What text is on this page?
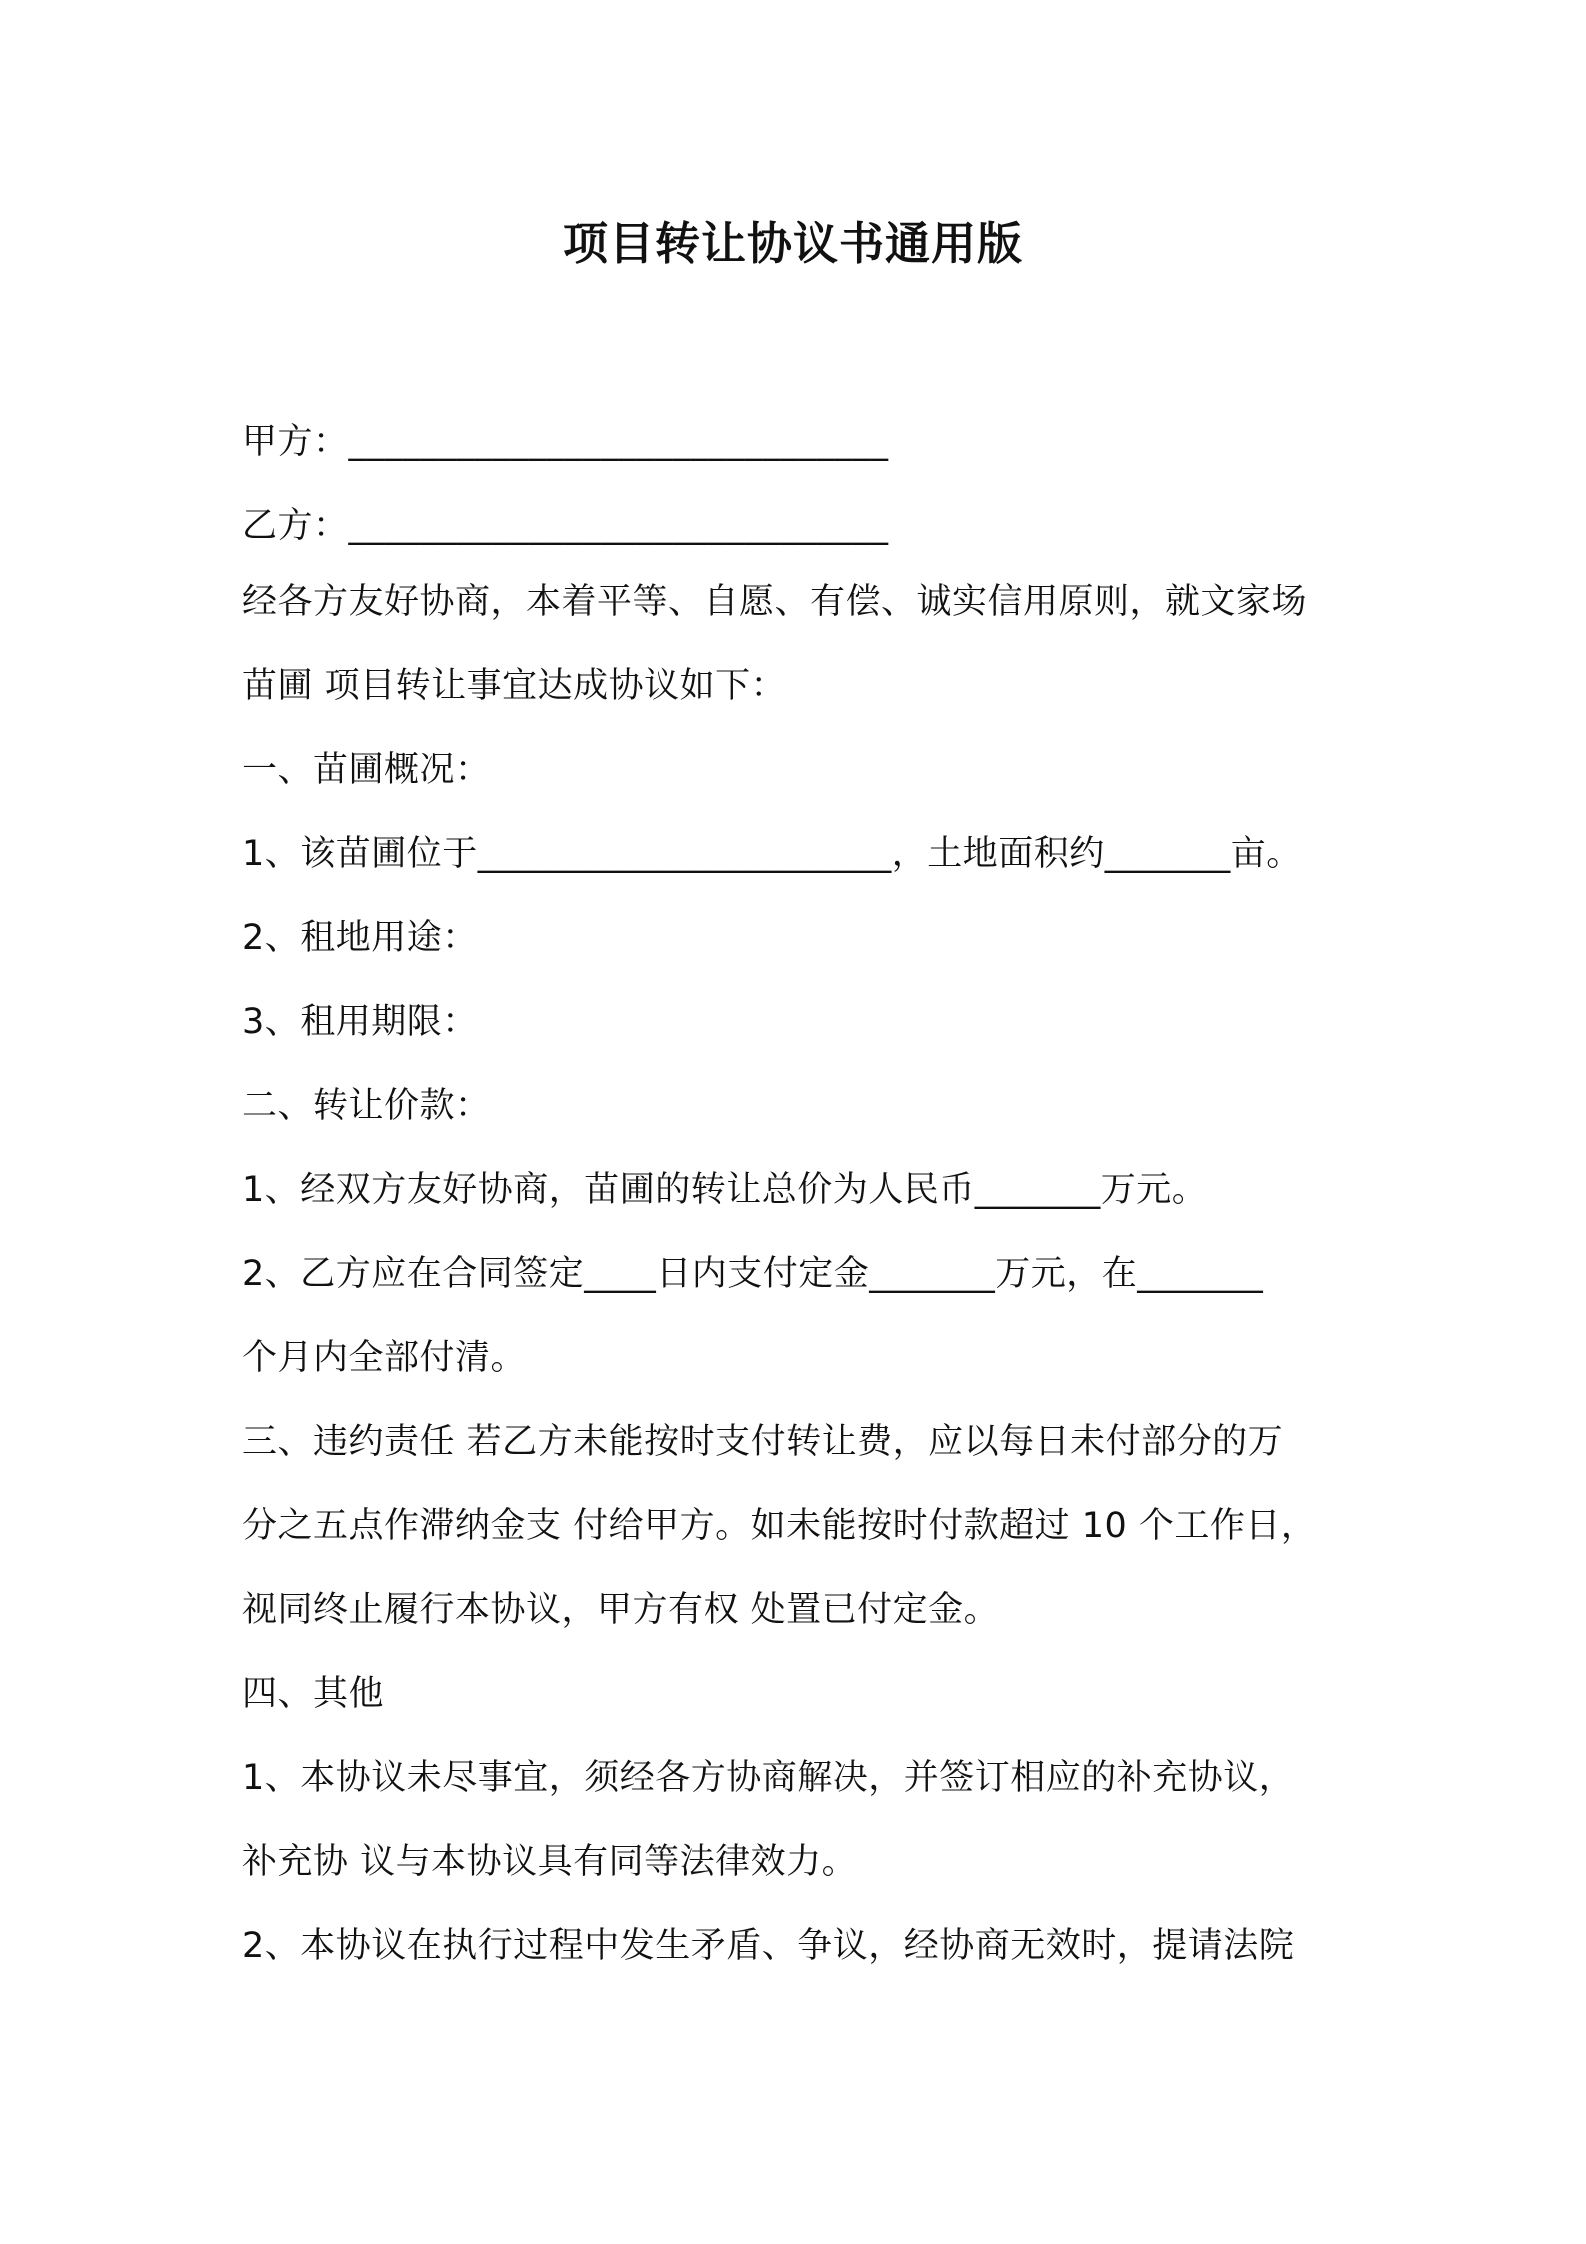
项目转让协议书通用版
甲方：______________________________
乙方：______________________________
经各方友好协商，本着平等、自愿、有偿、诚实信用原则，就文家场
苗圃 项目转让事宜达成协议如下：
一、苗圃概况：
1、该苗圃位于_______________________，土地面积约_______亩。
2、租地用途：
3、租用期限：
二、转让价款：
1、经双方友好协商，苗圃的转让总价为人民币_______万元。
2、乙方应在合同签定____日内支付定金_______万元，在_______
个月内全部付清。
三、违约责任 若乙方未能按时支付转让费，应以每日未付部分的万
分之五点作滞纳金支 付给甲方。如未能按时付款超过 10 个工作日，
视同终止履行本协议，甲方有权 处置已付定金。
四、其他
1、本协议未尽事宜，须经各方协商解决，并签订相应的补充协议，
补充协 议与本协议具有同等法律效力。
2、本协议在执行过程中发生矛盾、争议，经协商无效时，提请法院
